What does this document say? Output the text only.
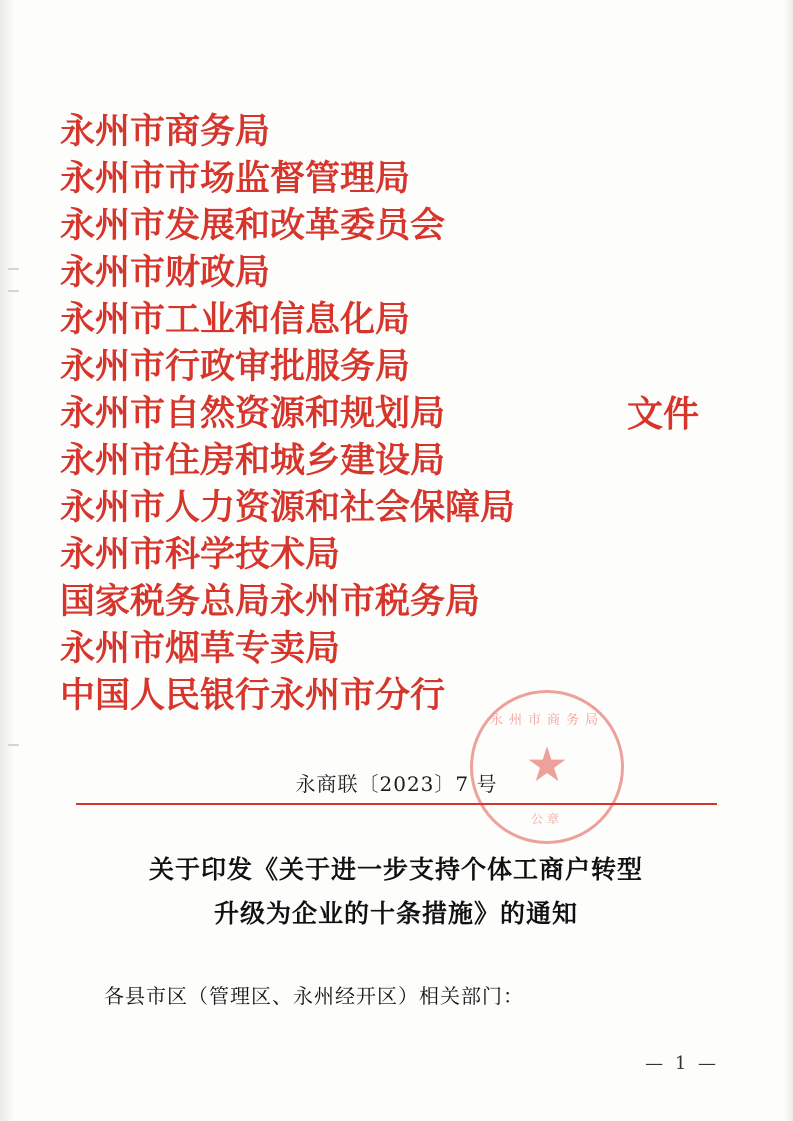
永州市商务局
永州市市场监督管理局
永州市发展和改革委员会
永州市财政局
永州市工业和信息化局
永州市行政审批服务局
永州市自然资源和规划局
永州市住房和城乡建设局
永州市人力资源和社会保障局
永州市科学技术局
国家税务总局永州市税务局
永州市烟草专卖局
中国人民银行永州市分行
文件
永州市商务局
★
公章
永商联〔2023〕7 号
关于印发《关于进一步支持个体工商户转型
升级为企业的十条措施》的通知
各县市区（管理区、永州经开区）相关部门：
— 1 —
